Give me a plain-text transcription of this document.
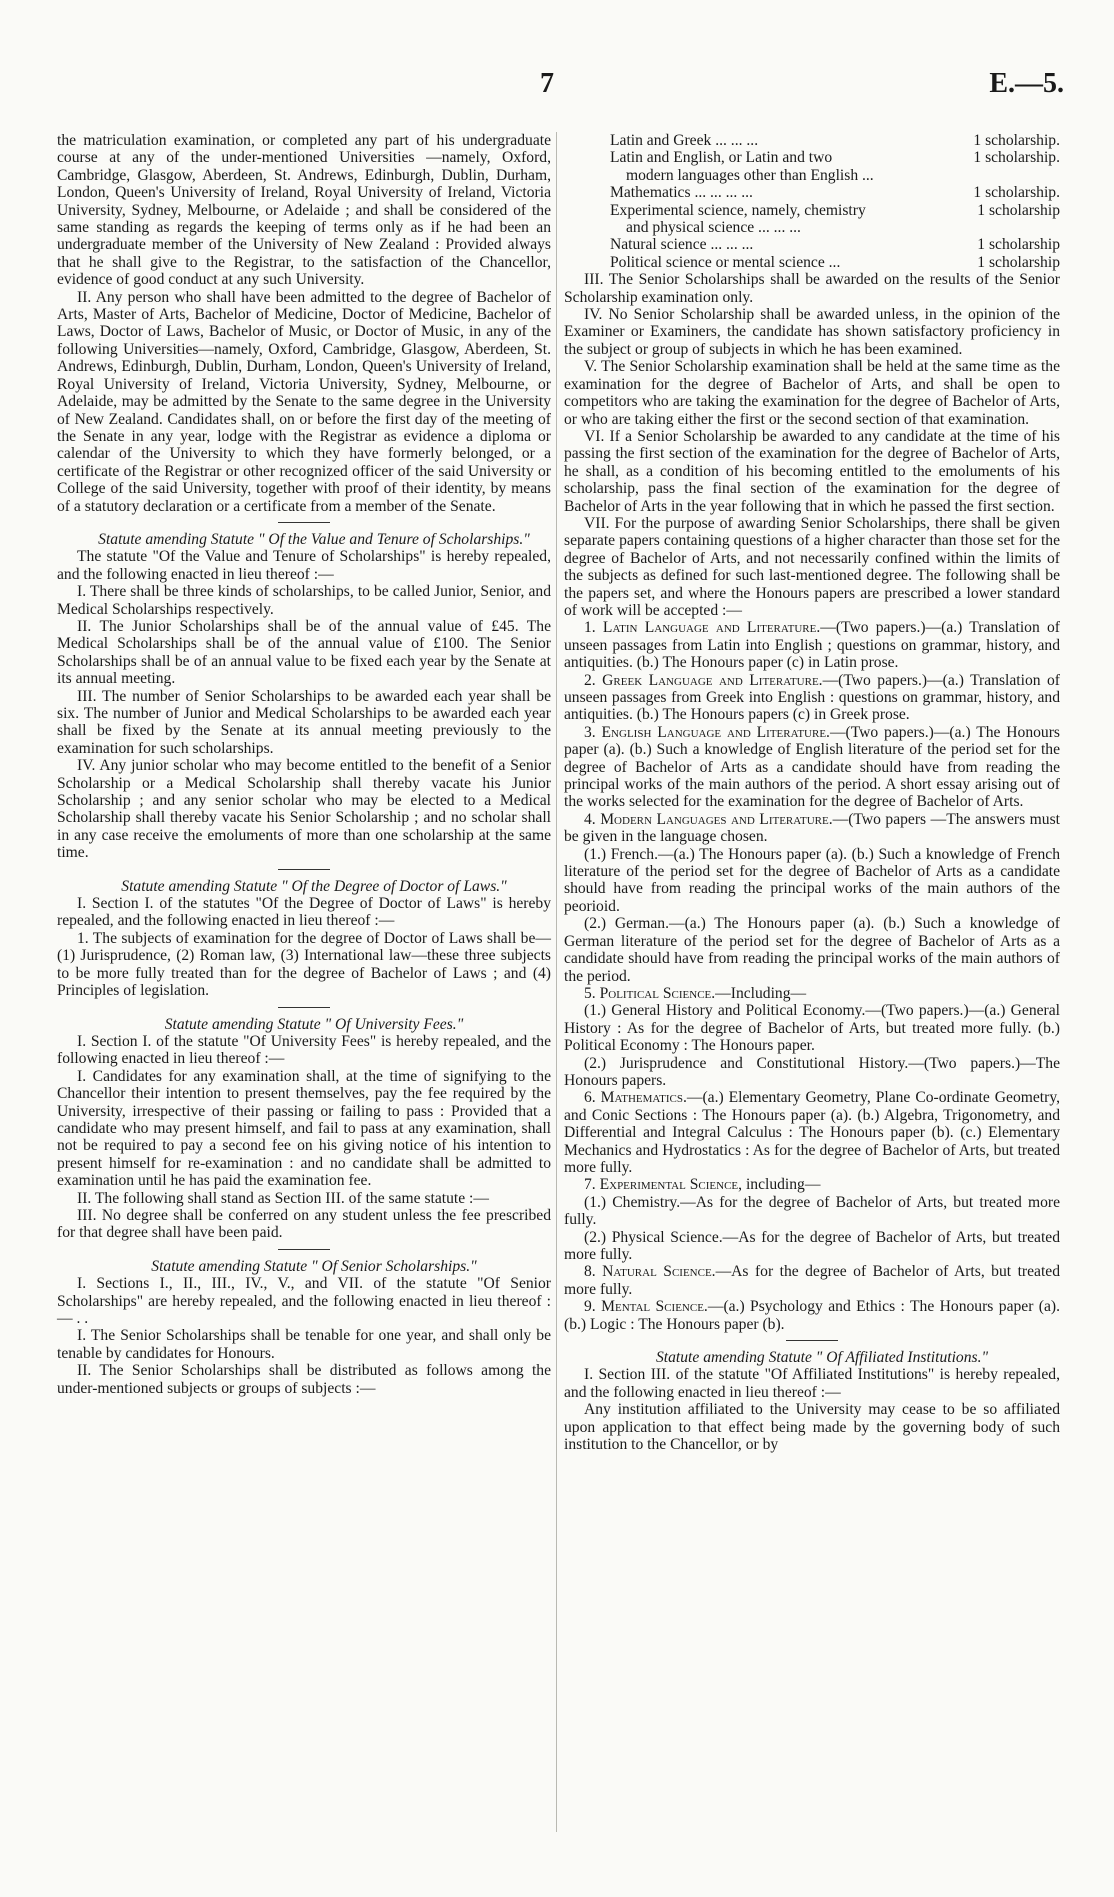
7	E.—5.

the matriculation examination, or completed any part of his undergraduate course at any of the under-mentioned Universities —namely, Oxford, Cambridge, Glasgow, Aberdeen, St. Andrews, Edinburgh, Dublin, Durham, London, Queen's University of Ireland, Royal University of Ireland, Victoria University, Sydney, Melbourne, or Adelaide ; and shall be considered of the same standing as regards the keeping of terms only as if he had been an undergraduate member of the University of New Zealand : Provided always that he shall give to the Registrar, to the satisfaction of the Chancellor, evidence of good conduct at any such University.

II. Any person who shall have been admitted to the degree of Bachelor of Arts, Master of Arts, Bachelor of Medicine, Doctor of Medicine, Bachelor of Laws, Doctor of Laws, Bachelor of Music, or Doctor of Music, in any of the following Universities—namely, Oxford, Cambridge, Glasgow, Aberdeen, St. Andrews, Edinburgh, Dublin, Durham, London, Queen's University of Ireland, Royal University of Ireland, Victoria University, Sydney, Melbourne, or Adelaide, may be admitted by the Senate to the same degree in the University of New Zealand. Candidates shall, on or before the first day of the meeting of the Senate in any year, lodge with the Registrar as evidence a diploma or calendar of the University to which they have formerly belonged, or a certificate of the Registrar or other recognized officer of the said University or College of the said University, together with proof of their identity, by means of a statutory declaration or a certificate from a member of the Senate.

Statute amending Statute " Of the Value and Tenure of Scholarships."

The statute "Of the Value and Tenure of Scholarships" is hereby repealed, and the following enacted in lieu thereof :—

I. There shall be three kinds of scholarships, to be called Junior, Senior, and Medical Scholarships respectively.

II. The Junior Scholarships shall be of the annual value of £45. The Medical Scholarships shall be of the annual value of £100. The Senior Scholarships shall be of an annual value to be fixed each year by the Senate at its annual meeting.

III. The number of Senior Scholarships to be awarded each year shall be six. The number of Junior and Medical Scholarships to be awarded each year shall be fixed by the Senate at its annual meeting previously to the examination for such scholarships.

IV. Any junior scholar who may become entitled to the benefit of a Senior Scholarship or a Medical Scholarship shall thereby vacate his Junior Scholarship ; and any senior scholar who may be elected to a Medical Scholarship shall thereby vacate his Senior Scholarship ; and no scholar shall in any case receive the emoluments of more than one scholarship at the same time.

Statute amending Statute " Of the Degree of Doctor of Laws."

I. Section I. of the statutes "Of the Degree of Doctor of Laws" is hereby repealed, and the following enacted in lieu thereof :—

1. The subjects of examination for the degree of Doctor of Laws shall be—(1) Jurisprudence, (2) Roman law, (3) International law—these three subjects to be more fully treated than for the degree of Bachelor of Laws ; and (4) Principles of legislation.

Statute amending Statute " Of University Fees."

I. Section I. of the statute "Of University Fees" is hereby repealed, and the following enacted in lieu thereof :—

I. Candidates for any examination shall, at the time of signifying to the Chancellor their intention to present themselves, pay the fee required by the University, irrespective of their passing or failing to pass : Provided that a candidate who may present himself, and fail to pass at any examination, shall not be required to pay a second fee on his giving notice of his intention to present himself for re-examination : and no candidate shall be admitted to examination until he has paid the examination fee.

II. The following shall stand as Section III. of the same statute :—

III. No degree shall be conferred on any student unless the fee prescribed for that degree shall have been paid.

Statute amending Statute " Of Senior Scholarships."

I. Sections I., II., III., IV., V., and VII. of the statute "Of Senior Scholarships" are hereby repealed, and the following enacted in lieu thereof :— . .

I. The Senior Scholarships shall be tenable for one year, and shall only be tenable by candidates for Honours.

II. The Senior Scholarships shall be distributed as follows among the under-mentioned subjects or groups of subjects :—

Latin and Greek ... ... ...	1 scholarship.
Latin and English, or Latin and two
modern languages other than English ...
1 scholarship.
Mathematics ... ... ... ...	1 scholarship.
Experimental science, namely, chemistry
and physical science ... ... ...
1 scholarship
Natural science ... ... ...	1 scholarship
Political science or mental science ...	1 scholarship

III. The Senior Scholarships shall be awarded on the results of the Senior Scholarship examination only.

IV. No Senior Scholarship shall be awarded unless, in the opinion of the Examiner or Examiners, the candidate has shown satisfactory proficiency in the subject or group of subjects in which he has been examined.

V. The Senior Scholarship examination shall be held at the same time as the examination for the degree of Bachelor of Arts, and shall be open to competitors who are taking the examination for the degree of Bachelor of Arts, or who are taking either the first or the second section of that examination.

VI. If a Senior Scholarship be awarded to any candidate at the time of his passing the first section of the examination for the degree of Bachelor of Arts, he shall, as a condition of his becoming entitled to the emoluments of his scholarship, pass the final section of the examination for the degree of Bachelor of Arts in the year following that in which he passed the first section.

VII. For the purpose of awarding Senior Scholarships, there shall be given separate papers containing questions of a higher character than those set for the degree of Bachelor of Arts, and not necessarily confined within the limits of the subjects as defined for such last-mentioned degree. The following shall be the papers set, and where the Honours papers are prescribed a lower standard of work will be accepted :—

1. Latin Language and Literature.—(Two papers.)—(a.) Translation of unseen passages from Latin into English ; questions on grammar, history, and antiquities. (b.) The Honours paper (c) in Latin prose.

2. Greek Language and Literature.—(Two papers.)—(a.) Translation of unseen passages from Greek into English : questions on grammar, history, and antiquities. (b.) The Honours papers (c) in Greek prose.

3. English Language and Literature.—(Two papers.)—(a.) The Honours paper (a). (b.) Such a knowledge of English literature of the period set for the degree of Bachelor of Arts as a candidate should have from reading the principal works of the main authors of the period. A short essay arising out of the works selected for the examination for the degree of Bachelor of Arts.

4. Modern Languages and Literature.—(Two papers —The answers must be given in the language chosen.

(1.) French.—(a.) The Honours paper (a). (b.) Such a knowledge of French literature of the period set for the degree of Bachelor of Arts as a candidate should have from reading the principal works of the main authors of the peorioid.

(2.) German.—(a.) The Honours paper (a). (b.) Such a knowledge of German literature of the period set for the degree of Bachelor of Arts as a candidate should have from reading the principal works of the main authors of the period.

5. Political Science.—Including—

(1.) General History and Political Economy.—(Two papers.)—(a.) General History : As for the degree of Bachelor of Arts, but treated more fully. (b.) Political Economy : The Honours paper.

(2.) Jurisprudence and Constitutional History.—(Two papers.)—The Honours papers.

6. Mathematics.—(a.) Elementary Geometry, Plane Co-ordinate Geometry, and Conic Sections : The Honours paper (a). (b.) Algebra, Trigonometry, and Differential and Integral Calculus : The Honours paper (b). (c.) Elementary Mechanics and Hydrostatics : As for the degree of Bachelor of Arts, but treated more fully.

7. Experimental Science, including—

(1.) Chemistry.—As for the degree of Bachelor of Arts, but treated more fully.

(2.) Physical Science.—As for the degree of Bachelor of Arts, but treated more fully.

8. Natural Science.—As for the degree of Bachelor of Arts, but treated more fully.

9. Mental Science.—(a.) Psychology and Ethics : The Honours paper (a). (b.) Logic : The Honours paper (b).

Statute amending Statute " Of Affiliated Institutions."

I. Section III. of the statute "Of Affiliated Institutions" is hereby repealed, and the following enacted in lieu thereof :—

Any institution affiliated to the University may cease to be so affiliated upon application to that effect being made by the governing body of such institution to the Chancellor, or by
